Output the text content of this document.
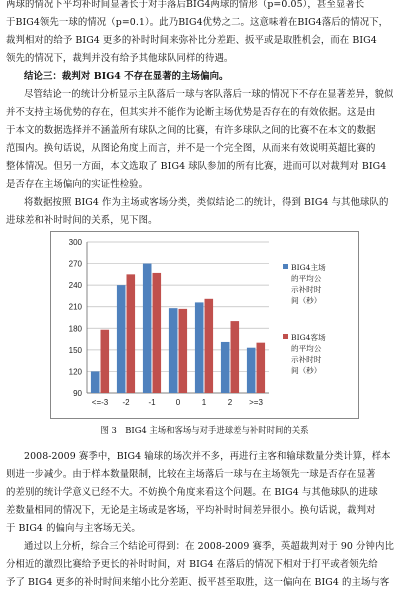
两球的情况下平均补时间显著长于对手落后BIG4两球的情形（p=0.05），甚至显著长
于BIG4领先一球的情况（p=0.1）。此乃BIG4优势之二。这意味着在BIG4落后的情况下，
裁判相对的给予 BIG4 更多的补时时间来弥补比分差距、扳平或是取胜机会，而在 BIG4
领先的情况下，裁判并没有给予其他球队同样的待遇。
结论三：裁判对 BIG4 不存在显著的主场偏向。
尽管结论一的统计分析显示主队落后一球与客队落后一球的情况下不存在显著差异，貌似
并不支持主场优势的存在，但其实并不能作为论断主场优势是否存在的有效依据。这是由
于本文的数据选择并不涵盖所有球队之间的比赛，有许多球队之间的比赛不在本文的数据
范围内。换句话说，从图论角度上而言，并不是一个完全图，从而来有效说明英超比赛的
整体情况。但另一方面，本文选取了 BIG4 球队参加的所有比赛，进而可以对裁判对 BIG4
是否存在主场偏向的实证性检验。
将数据按照 BIG4 作为主场或客场分类，类似结论二的统计，得到 BIG4 与其他球队的
进球差和补时时间的关系，见下图。
90
120
150
180
210
240
270
300
<=-3 -2 -1	0	1	2 >=3
BIG4主场
的平均公
示补时时
间（秒）
BIG4客场
的平均公
示补时时
间（秒）
图 3　BIG4 主场和客场与对手进球差与补时时间的关系
2008-2009 赛季中，BIG4 输球的场次并不多，再进行主客和输球数量分类计算，样本
则进一步减少。由于样本数量限制，比较在主场落后一球与在主场领先一球是否存在显著
的差别的统计学意义已经不大。不妨换个角度来看这个问题。在 BIG4 与其他球队的进球
差数量相同的情况下，无论是主场或是客场，平均补时时间差异很小。换句话说，裁判对
于 BIG4 的偏向与主客场无关。
通过以上分析，综合三个结论可得到：在 2008-2009 赛季，英超裁判对于 90 分钟内比
分相近的激烈比赛给予更长的补时时间，对 BIG4 在落后的情况下相对于打平或者领先给
予了 BIG4 更多的补时时间来缩小比分差距、扳平甚至取胜，这一偏向在 BIG4 的主场与客
